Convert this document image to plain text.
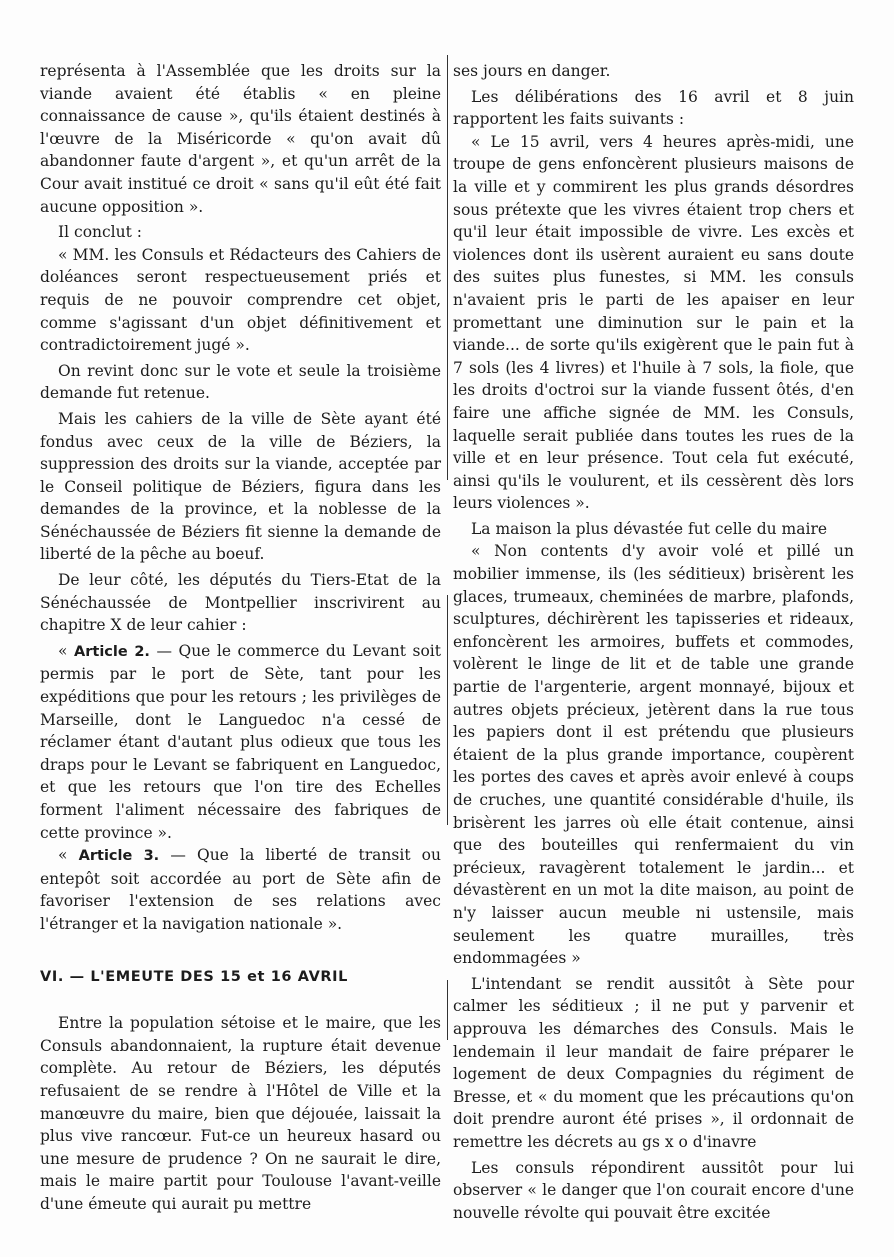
représenta à l'Assemblée que les droits sur la viande avaient été établis « en pleine connaissance de cause », qu'ils étaient destinés à l'œuvre de la Miséricorde « qu'on avait dû abandonner faute d'argent », et qu'un arrêt de la Cour avait institué ce droit « sans qu'il eût été fait aucune opposition ».

Il conclut :

« MM. les Consuls et Rédacteurs des Cahiers de doléances seront respectueusement priés et requis de ne pouvoir comprendre cet objet, comme s'agissant d'un objet définitivement et contradictoirement jugé ».

On revint donc sur le vote et seule la troisième demande fut retenue.

Mais les cahiers de la ville de Sète ayant été fondus avec ceux de la ville de Béziers, la suppression des droits sur la viande, acceptée par le Conseil politique de Béziers, figura dans les demandes de la province, et la noblesse de la Sénéchaussée de Béziers fit sienne la demande de liberté de la pêche au boeuf.

De leur côté, les députés du Tiers-Etat de la Sénéchaussée de Montpellier inscrivirent au chapitre X de leur cahier :

« Article 2. — Que le commerce du Levant soit permis par le port de Sète, tant pour les expéditions que pour les retours ; les privilèges de Marseille, dont le Languedoc n'a cessé de réclamer étant d'autant plus odieux que tous les draps pour le Levant se fabriquent en Languedoc, et que les retours que l'on tire des Echelles forment l'aliment nécessaire des fabriques de cette province ».

« Article 3. — Que la liberté de transit ou entepôt soit accordée au port de Sète afin de favoriser l'extension de ses relations avec l'étranger et la navigation nationale ».

VI. — L'EMEUTE DES 15 et 16 AVRIL

Entre la population sétoise et le maire, que les Consuls abandonnaient, la rupture était devenue complète. Au retour de Béziers, les députés refusaient de se rendre à l'Hôtel de Ville et la manœuvre du maire, bien que déjouée, laissait la plus vive rancœur. Fut-ce un heureux hasard ou une mesure de prudence ? On ne saurait le dire, mais le maire partit pour Toulouse l'avant-veille d'une émeute qui aurait pu mettre

ses jours en danger.

Les délibérations des 16 avril et 8 juin rapportent les faits suivants :

« Le 15 avril, vers 4 heures après-midi, une troupe de gens enfoncèrent plusieurs maisons de la ville et y commirent les plus grands désordres sous prétexte que les vivres étaient trop chers et qu'il leur était impossible de vivre. Les excès et violences dont ils usèrent auraient eu sans doute des suites plus funestes, si MM. les consuls n'avaient pris le parti de les apaiser en leur promettant une diminution sur le pain et la viande... de sorte qu'ils exigèrent que le pain fut à 7 sols (les 4 livres) et l'huile à 7 sols, la fiole, que les droits d'octroi sur la viande fussent ôtés, d'en faire une affiche signée de MM. les Consuls, laquelle serait publiée dans toutes les rues de la ville et en leur présence. Tout cela fut exécuté, ainsi qu'ils le voulurent, et ils cessèrent dès lors leurs violences ».

La maison la plus dévastée fut celle du maire

« Non contents d'y avoir volé et pillé un mobilier immense, ils (les séditieux) brisèrent les glaces, trumeaux, cheminées de marbre, plafonds, sculptures, déchirèrent les tapisseries et rideaux, enfoncèrent les armoires, buffets et commodes, volèrent le linge de lit et de table une grande partie de l'argenterie, argent monnayé, bijoux et autres objets précieux, jetèrent dans la rue tous les papiers dont il est prétendu que plusieurs étaient de la plus grande importance, coupèrent les portes des caves et après avoir enlevé à coups de cruches, une quantité considérable d'huile, ils brisèrent les jarres où elle était contenue, ainsi que des bouteilles qui renfermaient du vin précieux, ravagèrent totalement le jardin... et dévastèrent en un mot la dite maison, au point de n'y laisser aucun meuble ni ustensile, mais seulement les quatre murailles, très endommagées »

L'intendant se rendit aussitôt à Sète pour calmer les séditieux ; il ne put y parvenir et approuva les démarches des Consuls. Mais le lendemain il leur mandait de faire préparer le logement de deux Compagnies du régiment de Bresse, et « du moment que les précautions qu'on doit prendre auront été prises », il ordonnait de remettre les décrets au gs x o d'inavre

Les consuls répondirent aussitôt pour lui observer « le danger que l'on courait encore d'une nouvelle révolte qui pouvait être excitée
